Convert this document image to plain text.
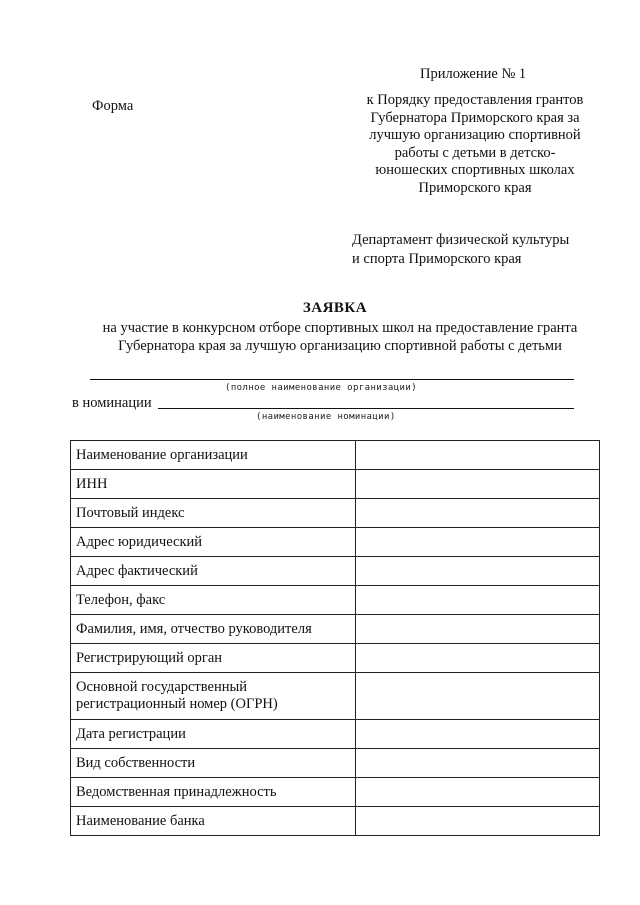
Приложение № 1
Форма	к Порядку предоставления грантов
Губернатора Приморского края за
лучшую организацию спортивной
работы с детьми в детско-
юношеских спортивных школах
Приморского края
Департамент физической культуры
и спорта Приморского края
ЗАЯВКА
на участие в конкурсном отборе спортивных школ на предоставление гранта
Губернатора края за лучшую организацию спортивной работы с детьми
(полное наименование организации)
в номинации
(наименование номинации)
Наименование организации	
ИНН	
Почтовый индекс	
Адрес юридический	
Адрес фактический	
Телефон, факс	
Фамилия, имя, отчество руководителя	
Регистрирующий орган	
Основной государственный регистрационный номер (ОГРН)	
Дата регистрации	
Вид собственности	
Ведомственная принадлежность	
Наименование банка	
